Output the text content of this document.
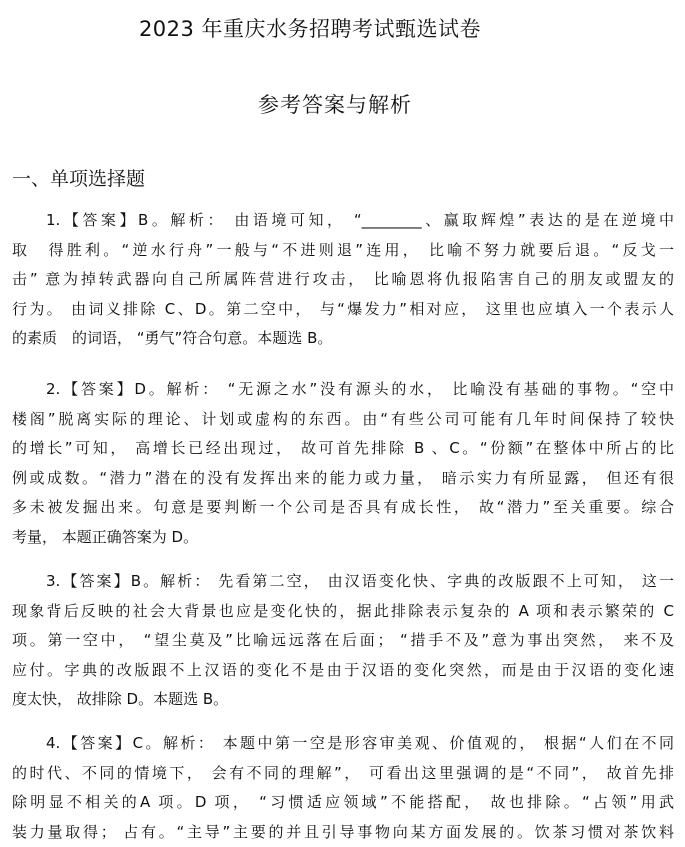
2023 年重庆水务招聘考试甄选试卷
参考答案与解析
一、单项选择题
1.【答案】B。解析： 由语境可知， “________、赢取辉煌”表达的是在逆境中
取　得胜利。“逆水行舟”一般与“不进则退”连用， 比喻不努力就要后退。“反戈一
击” 意为掉转武器向自己所属阵营进行攻击， 比喻恩将仇报陷害自己的朋友或盟友的
行为。 由词义排除 C、D。第二空中， 与“爆发力”相对应， 这里也应填入一个表示人
的素质　的词语， “勇气”符合句意。本题选 B。
2.【答案】D。解析： “无源之水”没有源头的水， 比喻没有基础的事物。“空中
楼阁”脱离实际的理论、计划或虚构的东西。由“有些公司可能有几年时间保持了较快
的增长”可知， 高增长已经出现过， 故可首先排除 B 、C。“份额”在整体中所占的比
例或成数。“潜力”潜在的没有发挥出来的能力或力量， 暗示实力有所显露， 但还有很
多未被发掘出来。句意是要判断一个公司是否具有成长性， 故“潜力”至关重要。综合
考量， 本题正确答案为 D。
3.【答案】B。解析： 先看第二空， 由汉语变化快、字典的改版跟不上可知， 这一
现象背后反映的社会大背景也应是变化快的，据此排除表示复杂的 A 项和表示繁荣的 C
项。第一空中， “望尘莫及”比喻远远落在后面； “措手不及”意为事出突然， 来不及
应付。字典的改版跟不上汉语的变化不是由于汉语的变化突然，而是由于汉语的变化速
度太快， 故排除 D。本题选 B。
4.【答案】C。解析： 本题中第一空是形容审美观、价值观的， 根据“人们在不同
的时代、不同的情境下， 会有不同的理解”， 可看出这里强调的是“不同”， 故首先排
除明显不相关的A 项。D 项， “习惯适应领域”不能搭配， 故也排除。“占领”用武
装力量取得； 占有。“主导”主要的并且引导事物向某方面发展的。饮茶习惯对茶饮料
